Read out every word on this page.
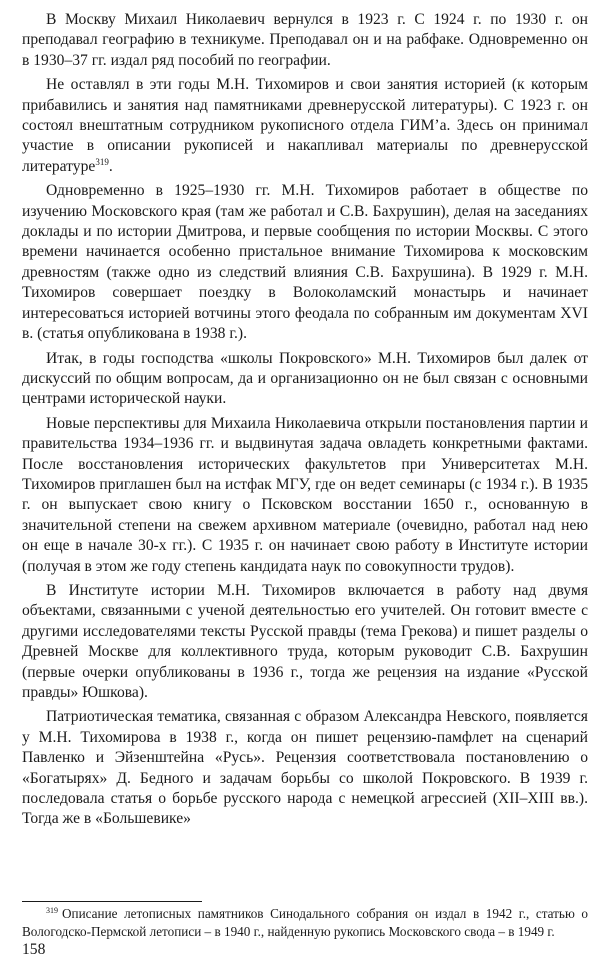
В Москву Михаил Николаевич вернулся в 1923 г. С 1924 г. по 1930 г. он преподавал географию в техникуме. Преподавал он и на рабфаке. Одновременно он в 1930–37 гг. издал ряд пособий по географии.

Не оставлял в эти годы М.Н. Тихомиров и свои занятия историей (к которым прибавились и занятия над памятниками древнерусской литературы). С 1923 г. он состоял внештатным сотрудником рукописного отдела ГИМ’а. Здесь он принимал участие в описании рукописей и накапливал материалы по древнерусской литературе$^{319}$.

Одновременно в 1925–1930 гг. М.Н. Тихомиров работает в обществе по изучению Московского края (там же работал и С.В. Бахрушин), делая на заседаниях доклады и по истории Дмитрова, и первые сообщения по истории Москвы. С этого времени начинается особенно пристальное внимание Тихомирова к московским древностям (также одно из следствий влияния С.В. Бахрушина). В 1929 г. М.Н. Тихомиров совершает поездку в Волоколамский монастырь и начинает интересоваться историей вотчины этого феодала по собранным им документам XVI в. (статья опубликована в 1938 г.).

Итак, в годы господства «школы Покровского» М.Н. Тихомиров был далек от дискуссий по общим вопросам, да и организационно он не был связан с основными центрами исторической науки.

Новые перспективы для Михаила Николаевича открыли постановления партии и правительства 1934–1936 гг. и выдвинутая задача овладеть конкретными фактами. После восстановления исторических факультетов при Университетах М.Н. Тихомиров приглашен был на истфак МГУ, где он ведет семинары (с 1934 г.). В 1935 г. он выпускает свою книгу о Псковском восстании 1650 г., основанную в значительной степени на свежем архивном материале (очевидно, работал над нею он еще в начале 30-х гг.). С 1935 г. он начинает свою работу в Институте истории (получая в этом же году степень кандидата наук по совокупности трудов).

В Институте истории М.Н. Тихомиров включается в работу над двумя объектами, связанными с ученой деятельностью его учителей. Он готовит вместе с другими исследователями тексты Русской правды (тема Грекова) и пишет разделы о Древней Москве для коллективного труда, которым руководит С.В. Бахрушин (первые очерки опубликованы в 1936 г., тогда же рецензия на издание «Русской правды» Юшкова).

Патриотическая тематика, связанная с образом Александра Невского, появляется у М.Н. Тихомирова в 1938 г., когда он пишет рецензию-памфлет на сценарий Павленко и Эйзенштейна «Русь». Рецензия соответствовала постановлению о «Богатырях» Д. Бедного и задачам борьбы со школой Покровского. В 1939 г. последовала статья о борьбе русского народа с немецкой агрессией (XII–XIII вв.). Тогда же в «Большевике»

$^{319}$ Описание летописных памятников Синодального собрания он издал в 1942 г., статью о Вологодско-Пермской летописи – в 1940 г., найденную рукопись Московского свода – в 1949 г.

158
